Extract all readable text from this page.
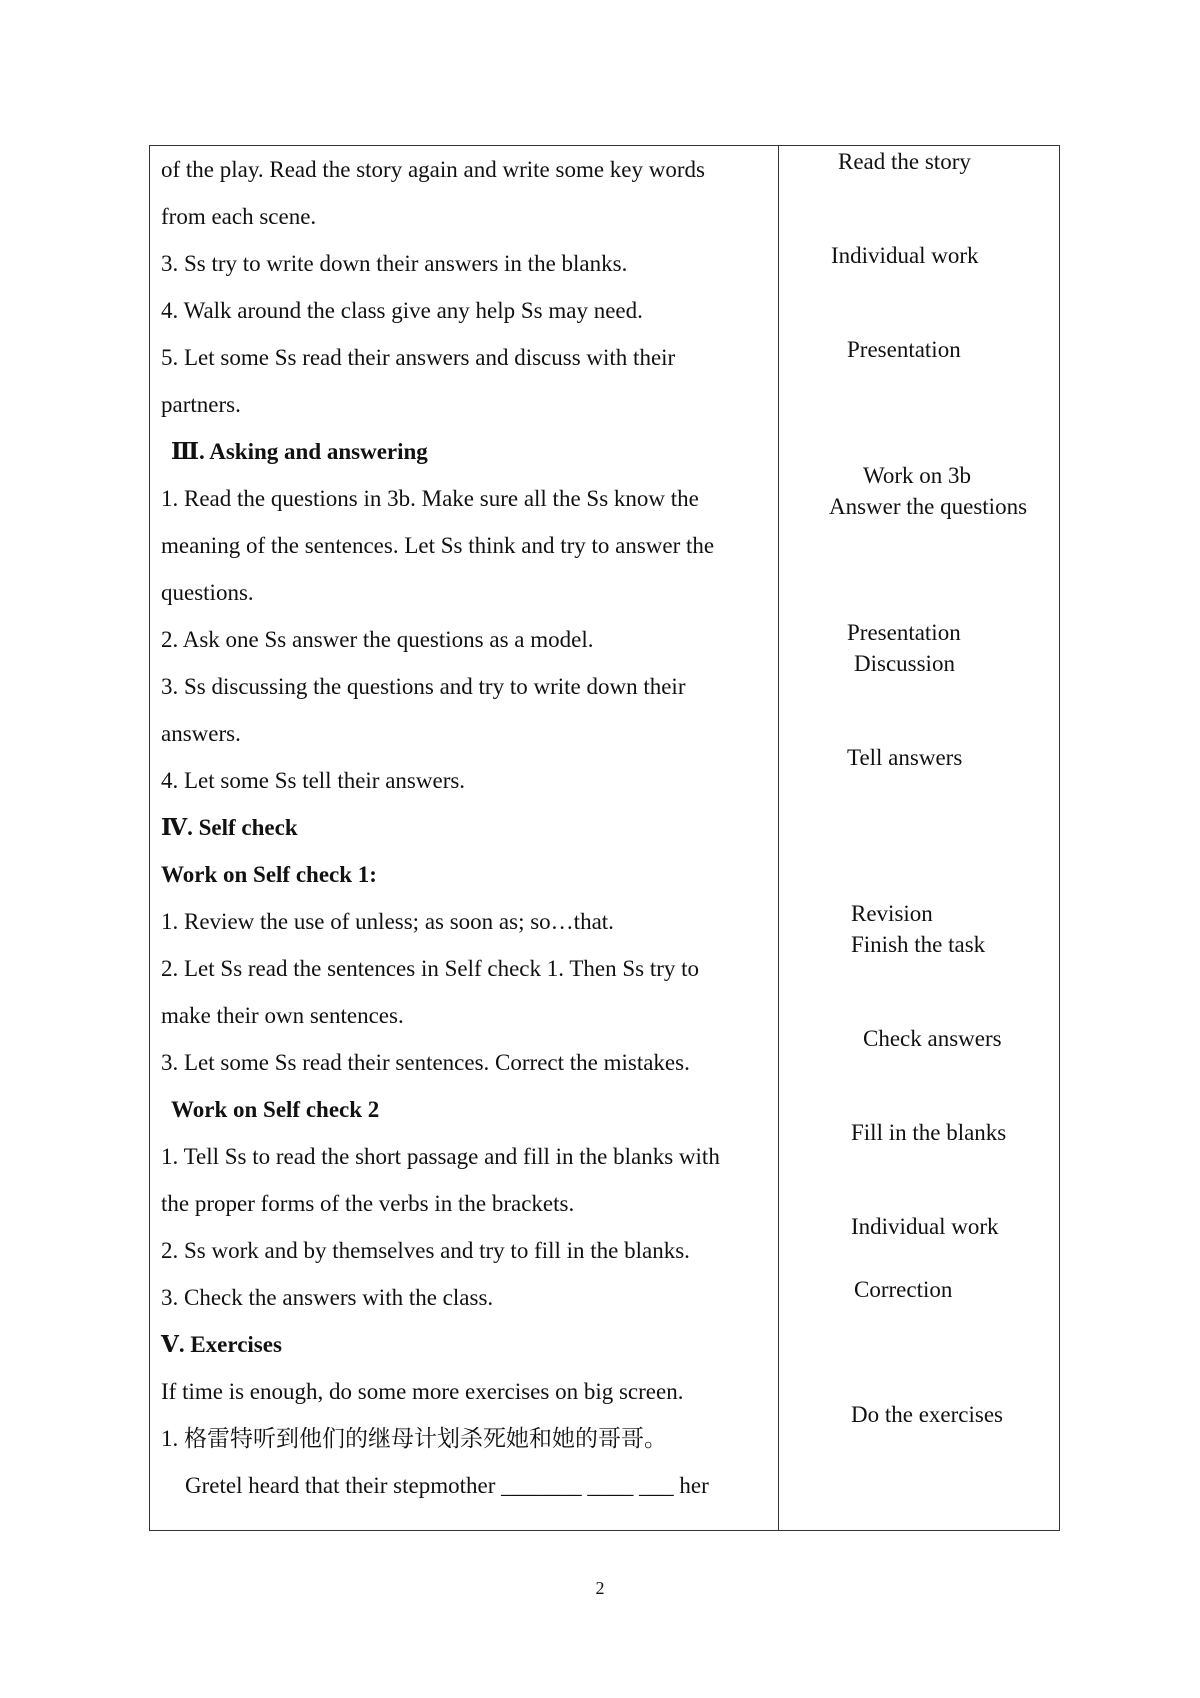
of the play. Read the story again and write some key words
from each scene.
3. Ss try to write down their answers in the blanks.
4. Walk around the class give any help Ss may need.
5. Let some Ss read their answers and discuss with their
partners.
Ⅲ. Asking and answering
1. Read the questions in 3b. Make sure all the Ss know the
meaning of the sentences. Let Ss think and try to answer the
questions.
2. Ask one Ss answer the questions as a model.
3. Ss discussing the questions and try to write down their
answers.
4. Let some Ss tell their answers.
Ⅳ. Self check
Work on Self check 1:
1. Review the use of unless; as soon as; so…that.
2. Let Ss read the sentences in Self check 1. Then Ss try to
make their own sentences.
3. Let some Ss read their sentences. Correct the mistakes.
Work on Self check 2
1. Tell Ss to read the short passage and fill in the blanks with
the proper forms of the verbs in the brackets.
2. Ss work and by themselves and try to fill in the blanks.
3. Check the answers with the class.
Ⅴ. Exercises
If time is enough, do some more exercises on big screen.
1. 格雷特听到他们的继母计划杀死她和她的哥哥。
Gretel heard that their stepmother _______ ____ ___ her
Read the story
Individual work
Presentation
Work on 3b
Answer the questions
Presentation
Discussion
Tell answers
Revision
Finish the task
Check answers
Fill in the blanks
Individual work
Correction
Do the exercises
2
